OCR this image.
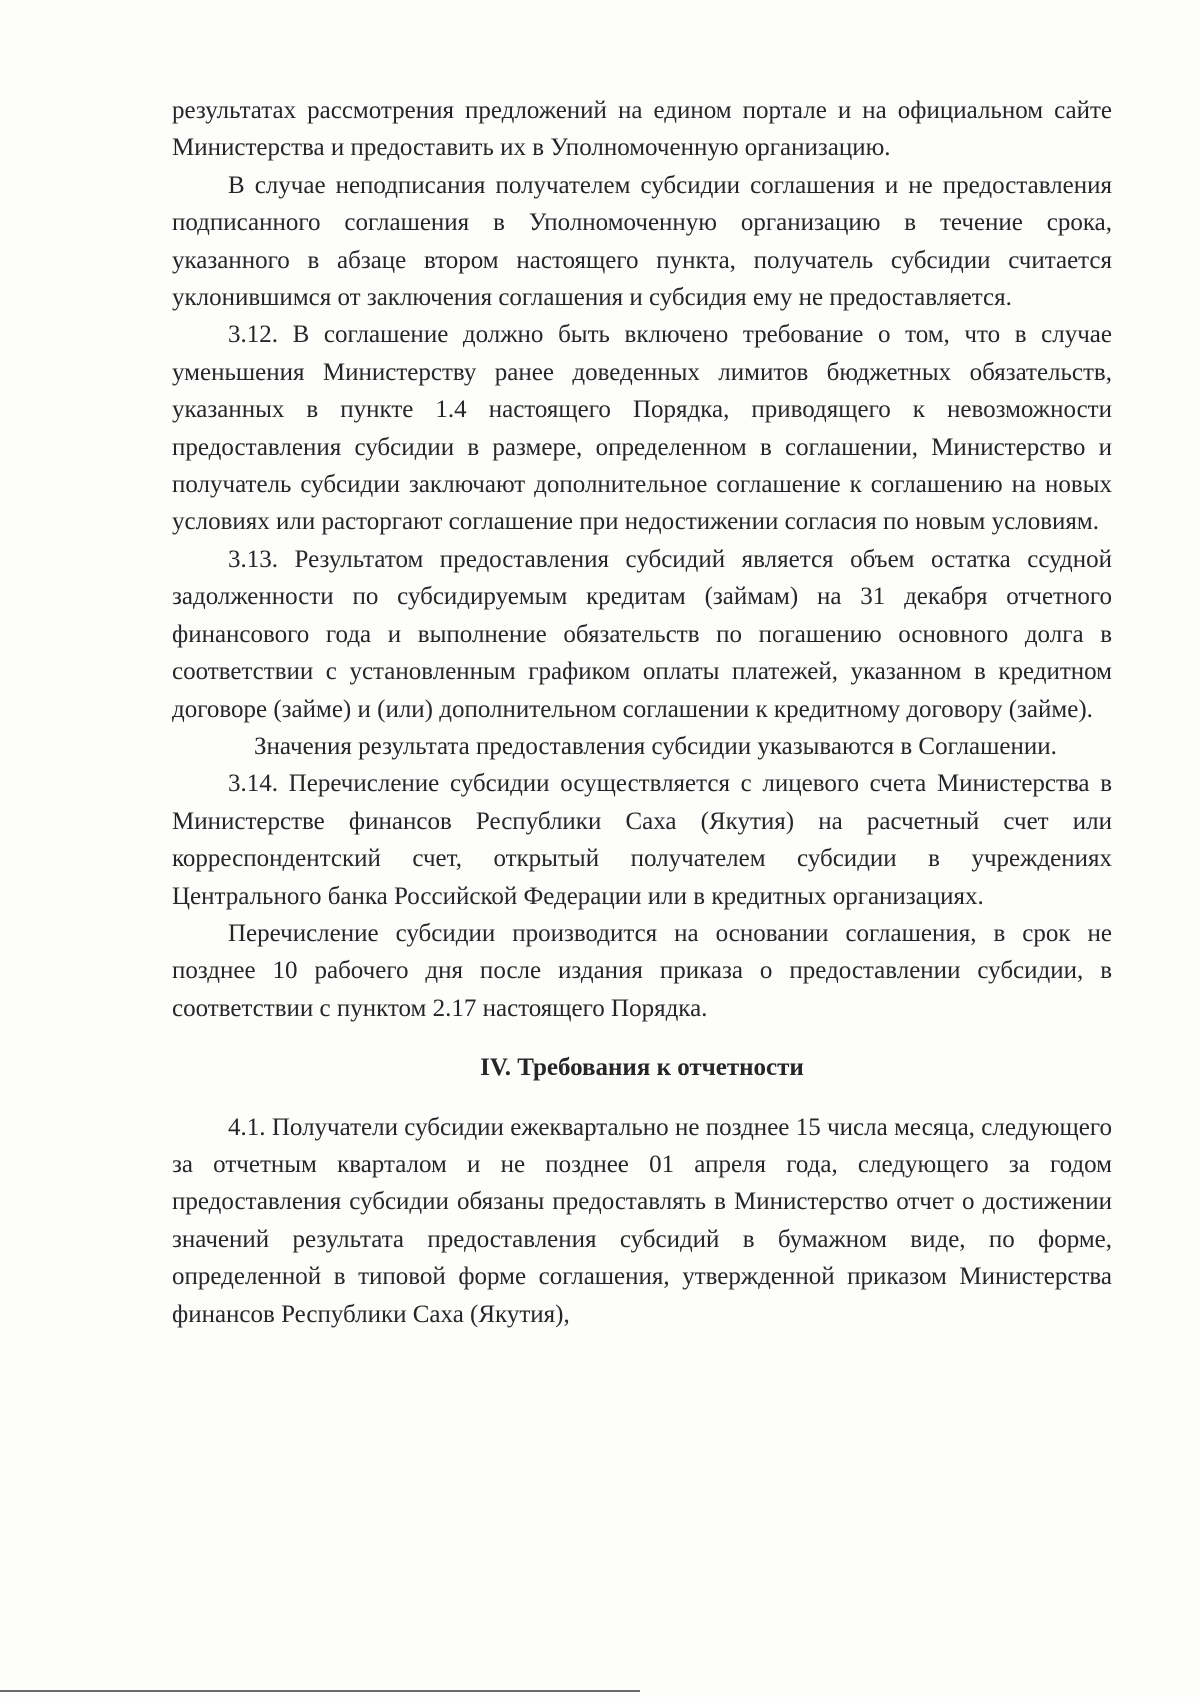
результатах рассмотрения предложений на едином портале и на официальном сайте Министерства и предоставить их в Уполномоченную организацию.

В случае неподписания получателем субсидии соглашения и не предоставления подписанного соглашения в Уполномоченную организацию в течение срока, указанного в абзаце втором настоящего пункта, получатель субсидии считается уклонившимся от заключения соглашения и субсидия ему не предоставляется.

3.12. В соглашение должно быть включено требование о том, что в случае уменьшения Министерству ранее доведенных лимитов бюджетных обязательств, указанных в пункте 1.4 настоящего Порядка, приводящего к невозможности предоставления субсидии в размере, определенном в соглашении, Министерство и получатель субсидии заключают дополнительное соглашение к соглашению на новых условиях или расторгают соглашение при недостижении согласия по новым условиям.

3.13. Результатом предоставления субсидий является объем остатка ссудной задолженности по субсидируемым кредитам (займам) на 31 декабря отчетного финансового года и выполнение обязательств по погашению основного долга в соответствии с установленным графиком оплаты платежей, указанном в кредитном договоре (займе) и (или) дополнительном соглашении к кредитному договору (займе).

Значения результата предоставления субсидии указываются в Соглашении.

3.14. Перечисление субсидии осуществляется с лицевого счета Министерства в Министерстве финансов Республики Саха (Якутия) на расчетный счет или корреспондентский счет, открытый получателем субсидии в учреждениях Центрального банка Российской Федерации или в кредитных организациях.

Перечисление субсидии производится на основании соглашения, в срок не позднее 10 рабочего дня после издания приказа о предоставлении субсидии, в соответствии с пунктом 2.17 настоящего Порядка.

IV. Требования к отчетности

4.1. Получатели субсидии ежеквартально не позднее 15 числа месяца, следующего за отчетным кварталом и не позднее 01 апреля года, следующего за годом предоставления субсидии обязаны предоставлять в Министерство отчет о достижении значений результата предоставления субсидий в бумажном виде, по форме, определенной в типовой форме соглашения, утвержденной приказом Министерства финансов Республики Саха (Якутия),
